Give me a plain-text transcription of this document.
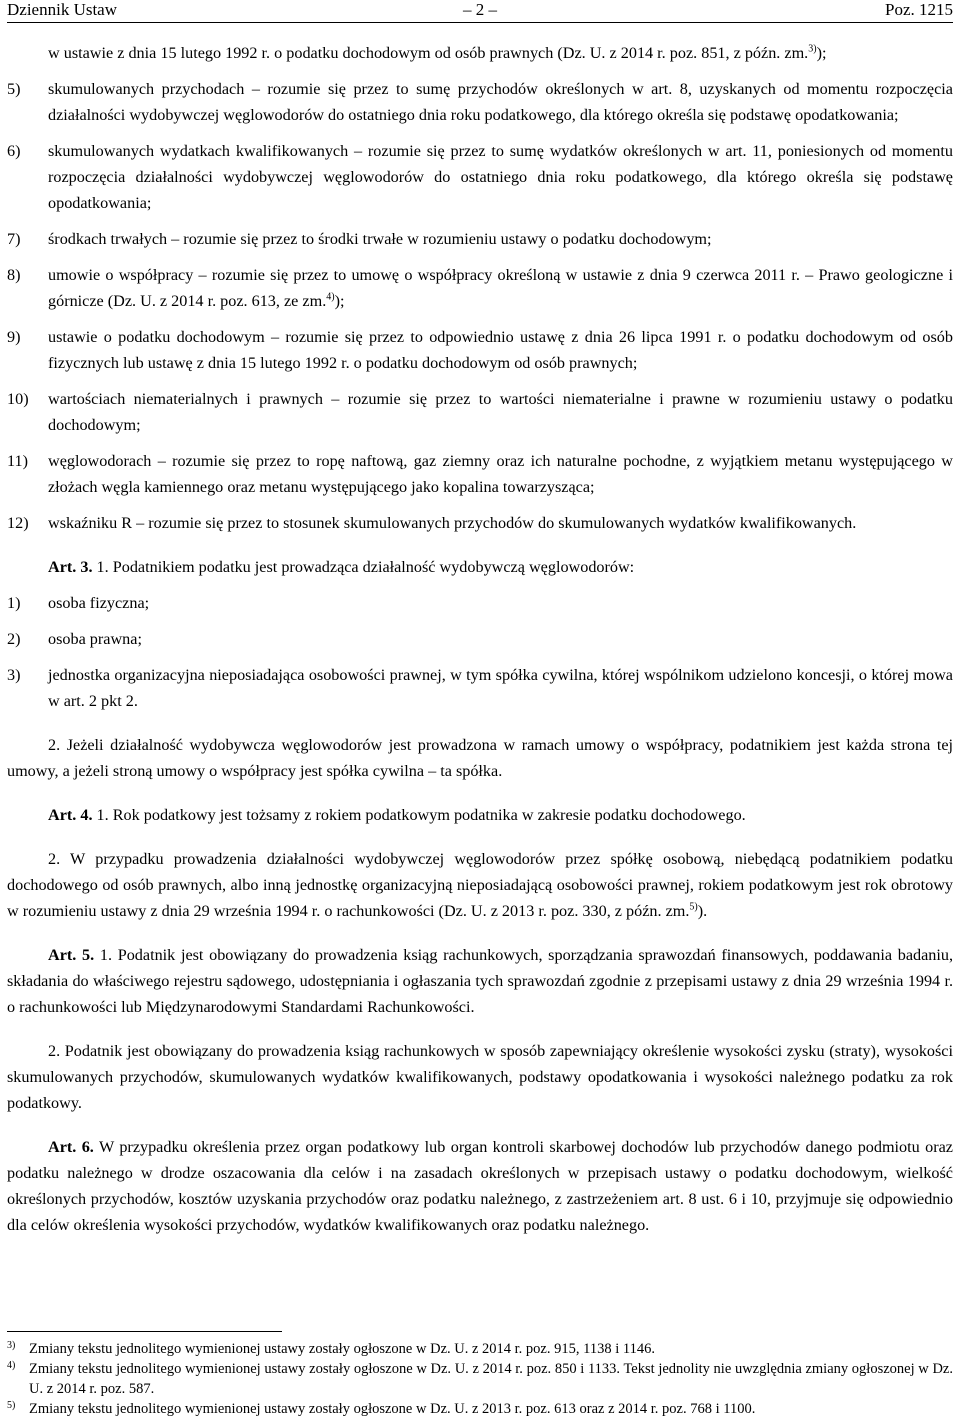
Dziennik Ustaw	– 2 –	Poz. 1215
w ustawie z dnia 15 lutego 1992 r. o podatku dochodowym od osób prawnych (Dz. U. z 2014 r. poz. 851, z późn. zm.$^{3)}$);
5) skumulowanych przychodach – rozumie się przez to sumę przychodów określonych w art. 8, uzyskanych od momentu rozpoczęcia działalności wydobywczej węglowodorów do ostatniego dnia roku podatkowego, dla którego określa się podstawę opodatkowania;
6) skumulowanych wydatkach kwalifikowanych – rozumie się przez to sumę wydatków określonych w art. 11, poniesionych od momentu rozpoczęcia działalności wydobywczej węglowodorów do ostatniego dnia roku podatkowego, dla którego określa się podstawę opodatkowania;
7) środkach trwałych – rozumie się przez to środki trwałe w rozumieniu ustawy o podatku dochodowym;
8) umowie o współpracy – rozumie się przez to umowę o współpracy określoną w ustawie z dnia 9 czerwca 2011 r. – Prawo geologiczne i górnicze (Dz. U. z 2014 r. poz. 613, ze zm.$^{4)}$);
9) ustawie o podatku dochodowym – rozumie się przez to odpowiednio ustawę z dnia 26 lipca 1991 r. o podatku dochodowym od osób fizycznych lub ustawę z dnia 15 lutego 1992 r. o podatku dochodowym od osób prawnych;
10) wartościach niematerialnych i prawnych – rozumie się przez to wartości niematerialne i prawne w rozumieniu ustawy o podatku dochodowym;
11) węglowodorach – rozumie się przez to ropę naftową, gaz ziemny oraz ich naturalne pochodne, z wyjątkiem metanu występującego w złożach węgla kamiennego oraz metanu występującego jako kopalina towarzysząca;
12) wskaźniku R – rozumie się przez to stosunek skumulowanych przychodów do skumulowanych wydatków kwalifikowanych.
Art. 3. 1. Podatnikiem podatku jest prowadząca działalność wydobywczą węglowodorów:
1) osoba fizyczna;
2) osoba prawna;
3) jednostka organizacyjna nieposiadająca osobowości prawnej, w tym spółka cywilna, której wspólnikom udzielono koncesji, o której mowa w art. 2 pkt 2.
2. Jeżeli działalność wydobywcza węglowodorów jest prowadzona w ramach umowy o współpracy, podatnikiem jest każda strona tej umowy, a jeżeli stroną umowy o współpracy jest spółka cywilna – ta spółka.
Art. 4. 1. Rok podatkowy jest tożsamy z rokiem podatkowym podatnika w zakresie podatku dochodowego.
2. W przypadku prowadzenia działalności wydobywczej węglowodorów przez spółkę osobową, niebędącą podatnikiem podatku dochodowego od osób prawnych, albo inną jednostkę organizacyjną nieposiadającą osobowości prawnej, rokiem podatkowym jest rok obrotowy w rozumieniu ustawy z dnia 29 września 1994 r. o rachunkowości (Dz. U. z 2013 r. poz. 330, z późn. zm.$^{5)}$).
Art. 5. 1. Podatnik jest obowiązany do prowadzenia ksiąg rachunkowych, sporządzania sprawozdań finansowych, poddawania badaniu, składania do właściwego rejestru sądowego, udostępniania i ogłaszania tych sprawozdań zgodnie z przepisami ustawy z dnia 29 września 1994 r. o rachunkowości lub Międzynarodowymi Standardami Rachunkowości.
2. Podatnik jest obowiązany do prowadzenia ksiąg rachunkowych w sposób zapewniający określenie wysokości zysku (straty), wysokości skumulowanych przychodów, skumulowanych wydatków kwalifikowanych, podstawy opodatkowania i wysokości należnego podatku za rok podatkowy.
Art. 6. W przypadku określenia przez organ podatkowy lub organ kontroli skarbowej dochodów lub przychodów danego podmiotu oraz podatku należnego w drodze oszacowania dla celów i na zasadach określonych w przepisach ustawy o podatku dochodowym, wielkość określonych przychodów, kosztów uzyskania przychodów oraz podatku należnego, z zastrzeżeniem art. 8 ust. 6 i 10, przyjmuje się odpowiednio dla celów określenia wysokości przychodów, wydatków kwalifikowanych oraz podatku należnego.
3) Zmiany tekstu jednolitego wymienionej ustawy zostały ogłoszone w Dz. U. z 2014 r. poz. 915, 1138 i 1146.
4) Zmiany tekstu jednolitego wymienionej ustawy zostały ogłoszone w Dz. U. z 2014 r. poz. 850 i 1133. Tekst jednolity nie uwzględnia zmiany ogłoszonej w Dz. U. z 2014 r. poz. 587.
5) Zmiany tekstu jednolitego wymienionej ustawy zostały ogłoszone w Dz. U. z 2013 r. poz. 613 oraz z 2014 r. poz. 768 i 1100.
